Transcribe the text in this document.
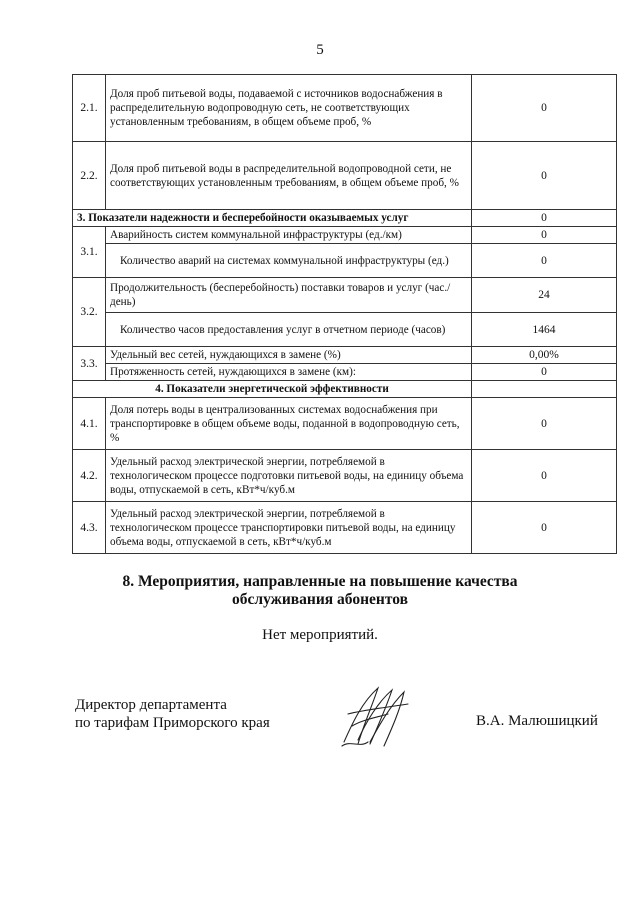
5
2.1.	Доля проб питьевой воды, подаваемой с источников водоснабжения в распределительную водопроводную сеть, не соответствующих установленным требованиям, в общем объеме проб, %	0
2.2.	Доля проб питьевой воды в распределительной водопроводной сети, не соответствующих установленным требованиям, в общем объеме проб, %	0
3. Показатели надежности и бесперебойности оказываемых услуг		0
3.1.	Аварийность систем коммунальной инфраструктуры (ед./км)	0
	Количество аварий на системах коммунальной инфраструктуры (ед.)	0
3.2.	Продолжительность (бесперебойность) поставки товаров и услуг (час./день)	24
	Количество часов предоставления услуг в отчетном периоде (часов)	1464
3.3.	Удельный вес сетей, нуждающихся в замене (%)	0,00%
	Протяженность сетей, нуждающихся в замене (км):	0
4. Показатели энергетической эффективности		
4.1.	Доля потерь воды в централизованных системах водоснабжения при транспортировке в общем объеме воды, поданной в водопроводную сеть, %	0
4.2.	Удельный расход электрической энергии, потребляемой в технологическом процессе подготовки питьевой воды, на единицу объема воды, отпускаемой в сеть, кВт*ч/куб.м	0
4.3.	Удельный расход электрической энергии, потребляемой в технологическом процессе транспортировки питьевой воды, на единицу объема воды, отпускаемой в сеть, кВт*ч/куб.м	0
8. Мероприятия, направленные на повышение качества
обслуживания абонентов
Нет мероприятий.
Директор департамента
по тарифам Приморского края	В.А. Малюшицкий
